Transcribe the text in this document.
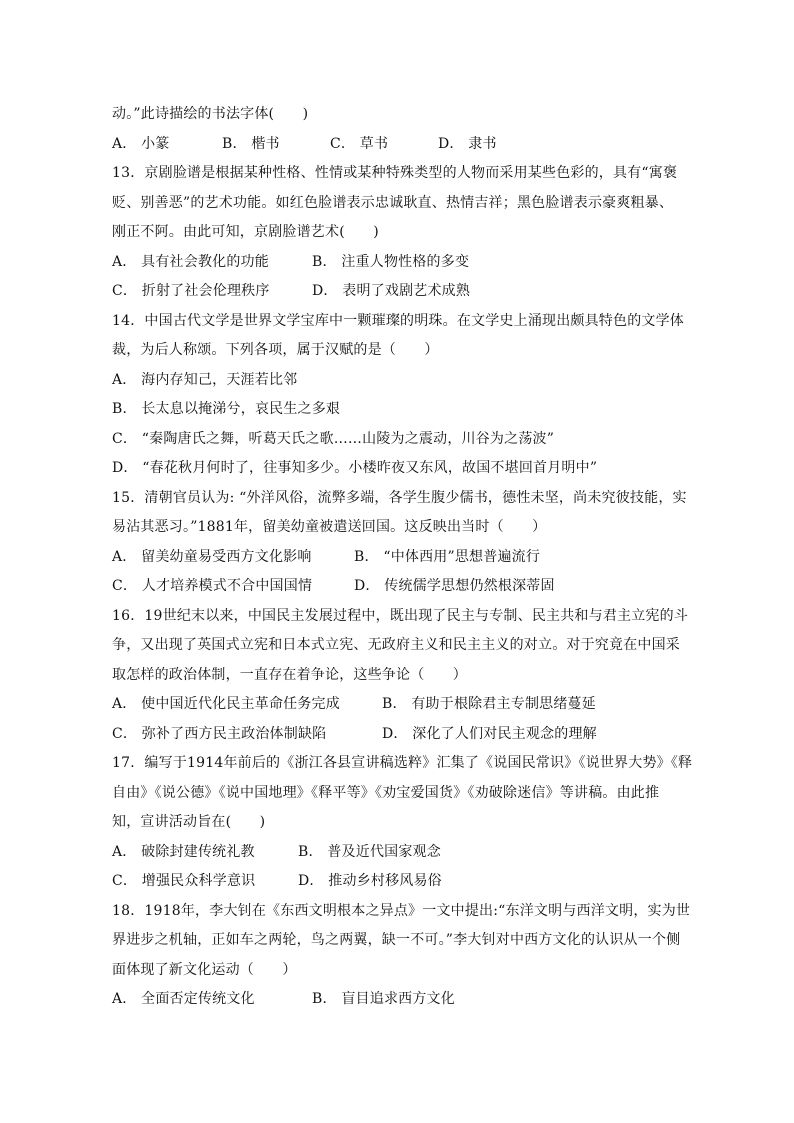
动。”此诗描绘的书法字体(　　)
A． 小篆	B． 楷书	C． 草书	D． 隶书
13．京剧脸谱是根据某种性格、性情或某种特殊类型的人物而采用某些色彩的，具有“寓褒
贬、别善恶”的艺术功能。如红色脸谱表示忠诚耿直、热情吉祥；黑色脸谱表示豪爽粗暴、
刚正不阿。由此可知，京剧脸谱艺术(　　)
A． 具有社会教化的功能	B． 注重人物性格的多变
C． 折射了社会伦理秩序	D． 表明了戏剧艺术成熟
14．中国古代文学是世界文学宝库中一颗璀璨的明珠。在文学史上涌现出颇具特色的文学体
裁，为后人称颂。下列各项，属于汉赋的是（　　）
A． 海内存知己，天涯若比邻
B． 长太息以掩涕兮，哀民生之多艰
C． “秦陶唐氏之舞，听葛天氏之歌……山陵为之震动，川谷为之荡波”
D． “春花秋月何时了，往事知多少。小楼昨夜又东风，故国不堪回首月明中”
15．清朝官员认为: “外洋风俗，流弊多端，各学生腹少儒书，德性未坚，尚未究彼技能，实
易沾其恶习。”1881年，留美幼童被遣送回国。这反映出当时（　　）
A． 留美幼童易受西方文化影响	B． “中体西用”思想普遍流行
C． 人才培养模式不合中国国情	D． 传统儒学思想仍然根深蒂固
16．19世纪末以来，中国民主发展过程中，既出现了民主与专制、民主共和与君主立宪的斗
争，又出现了英国式立宪和日本式立宪、无政府主义和民主主义的对立。对于究竟在中国采
取怎样的政治体制，一直存在着争论，这些争论（　　）
A． 使中国近代化民主革命任务完成	B． 有助于根除君主专制思绪蔓延
C． 弥补了西方民主政治体制缺陷	D． 深化了人们对民主观念的理解
17．编写于1914年前后的《浙江各县宣讲稿选粹》汇集了《说国民常识》《说世界大势》《释
自由》《说公德》《说中国地理》《释平等》《劝宝爱国货》《劝破除迷信》等讲稿。由此推
知，宣讲活动旨在(　　)
A． 破除封建传统礼教	B． 普及近代国家观念
C． 增强民众科学意识	D． 推动乡村移风易俗
18．1918年，李大钊在《东西文明根本之异点》一文中提出:“东洋文明与西洋文明，实为世
界进步之机轴，正如车之两轮，鸟之两翼，缺一不可。”李大钊对中西方文化的认识从一个侧
面体现了新文化运动（　　）
A． 全面否定传统文化	B． 盲目追求西方文化
